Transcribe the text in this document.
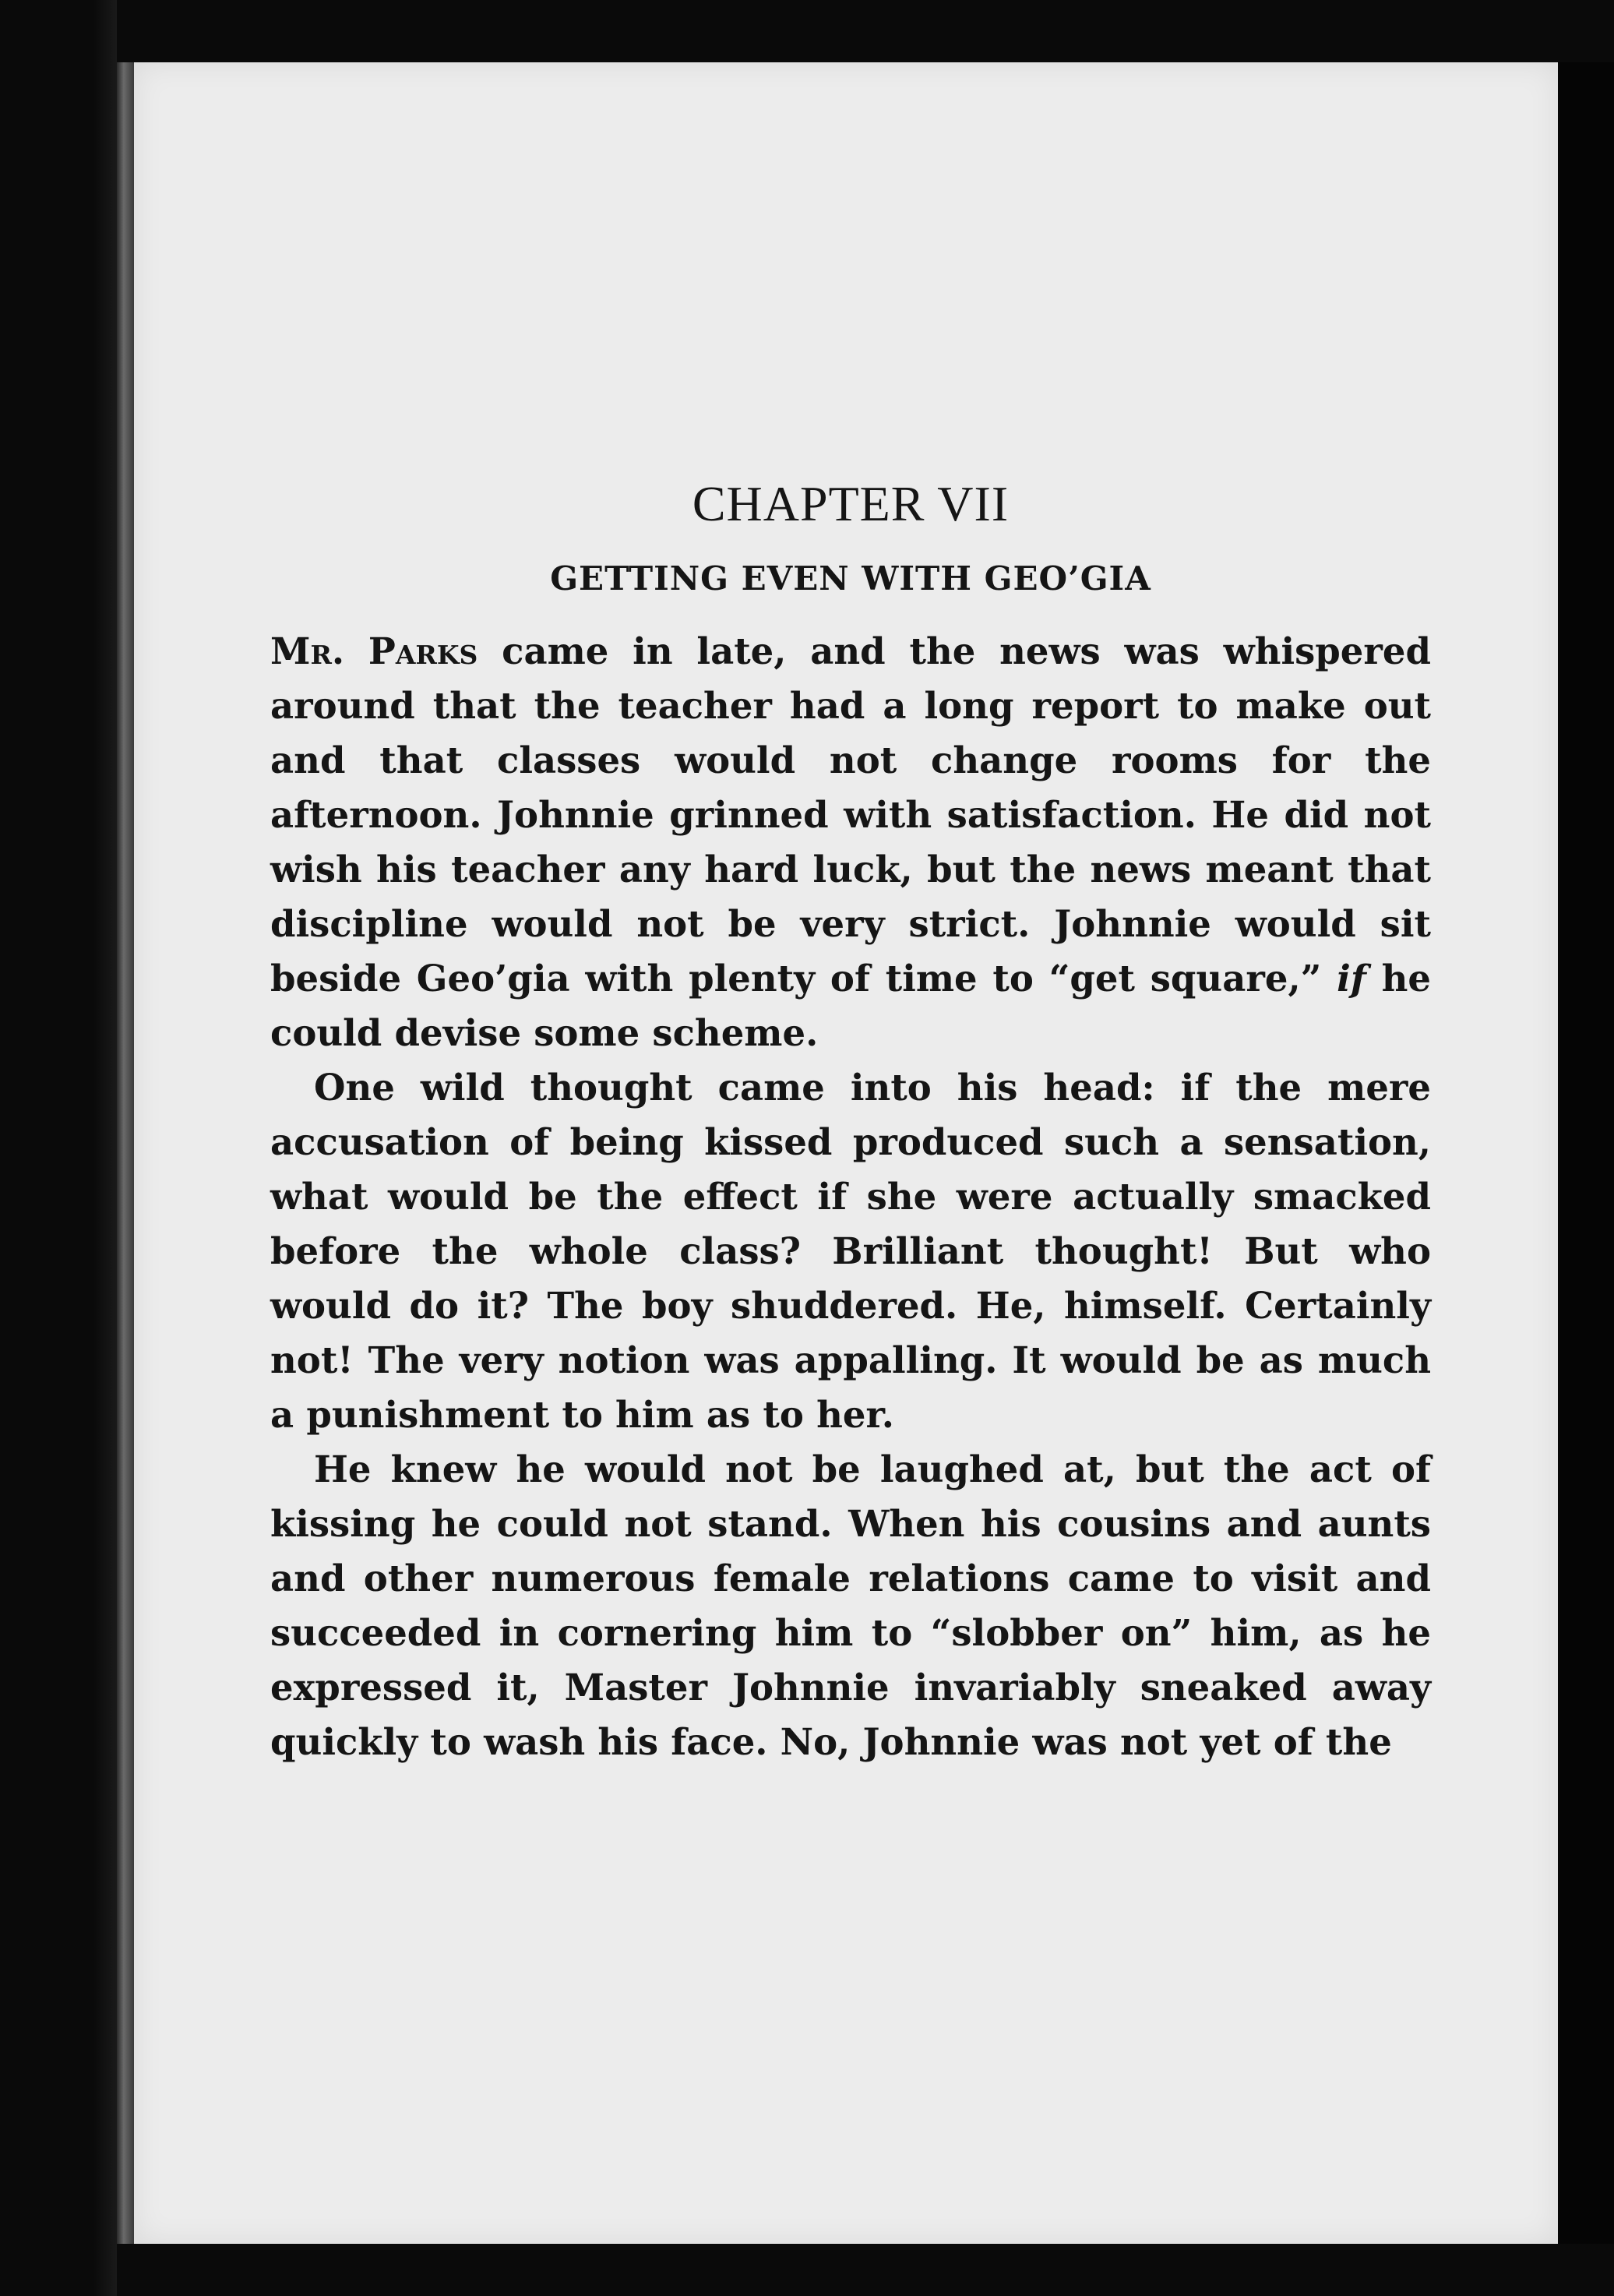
CHAPTER VII
GETTING EVEN WITH GEO’GIA

Mr. Parks came in late, and the news was whispered around that the teacher had a long report to make out and that classes would not change rooms for the afternoon. Johnnie grinned with satisfaction. He did not wish his teacher any hard luck, but the news meant that discipline would not be very strict. Johnnie would sit beside Geo’gia with plenty of time to “get square,” if he could devise some scheme.

One wild thought came into his head: if the mere accusation of being kissed produced such a sensation, what would be the effect if she were actually smacked before the whole class? Brilliant thought! But who would do it? The boy shuddered. He, himself. Certainly not! The very notion was appalling. It would be as much a punishment to him as to her.

He knew he would not be laughed at, but the act of kissing he could not stand. When his cousins and aunts and other numerous female relations came to visit and succeeded in cornering him to “slobber on” him, as he expressed it, Master Johnnie invariably sneaked away quickly to wash his face. No, Johnnie was not yet of the
